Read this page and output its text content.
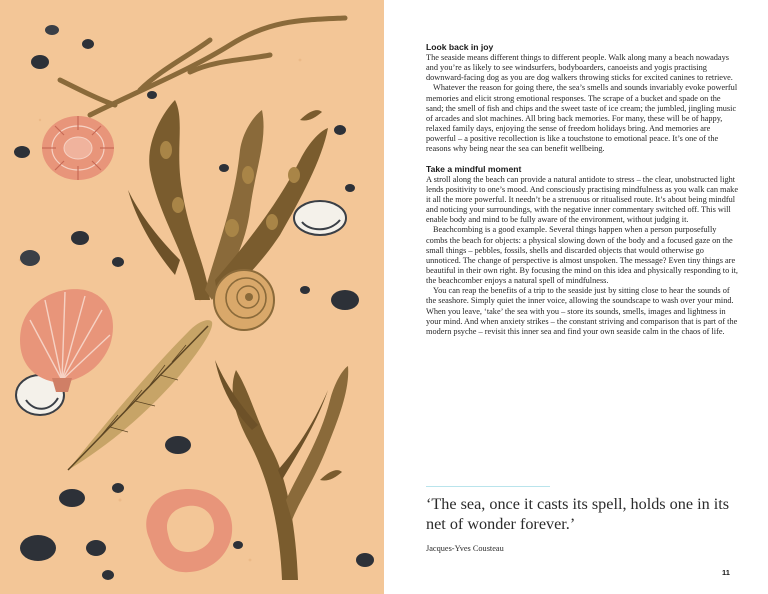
Look back in joy

The seaside means different things to different people. Walk along many a beach nowadays and you’re as likely to see windsurfers, bodyboarders, canoeists and yogis practising downward-facing dog as you are dog walkers throwing sticks for excited canines to retrieve.

Whatever the reason for going there, the sea’s smells and sounds invariably evoke powerful memories and elicit strong emotional responses. The scrape of a bucket and spade on the sand; the smell of fish and chips and the sweet taste of ice cream; the jumbled, jingling music of arcades and slot machines. All bring back memories. For many, these will be of happy, relaxed family days, enjoying the sense of freedom holidays bring. And memories are powerful – a positive recollection is like a touchstone to emotional peace. It’s one of the reasons why being near the sea can benefit wellbeing.

Take a mindful moment

A stroll along the beach can provide a natural antidote to stress – the clear, unobstructed light lends positivity to one’s mood. And consciously practising mindfulness as you walk can make it all the more powerful. It needn’t be a strenuous or ritualised route. It’s about being mindful and noticing your surroundings, with the negative inner commentary switched off. This will enable body and mind to be fully aware of the environment, without judging it.

Beachcombing is a good example. Several things happen when a person purposefully combs the beach for objects: a physical slowing down of the body and a focused gaze on the small things – pebbles, fossils, shells and discarded objects that would otherwise go unnoticed. The change of perspective is almost unspoken. The message? Even tiny things are beautiful in their own right. By focusing the mind on this idea and physically responding to it, the beachcomber enjoys a natural spell of mindfulness.

You can reap the benefits of a trip to the seaside just by sitting close to hear the sounds of the seashore. Simply quiet the inner voice, allowing the soundscape to wash over your mind. When you leave, ‘take’ the sea with you – store its sounds, smells, images and lightness in your mind. And when anxiety strikes – the constant striving and comparison that is part of the modern psyche – revisit this inner sea and find your own seaside calm in the chaos of life.

‘The sea, once it casts its spell, holds one in its net of wonder forever.’
Jacques-Yves Cousteau
11
